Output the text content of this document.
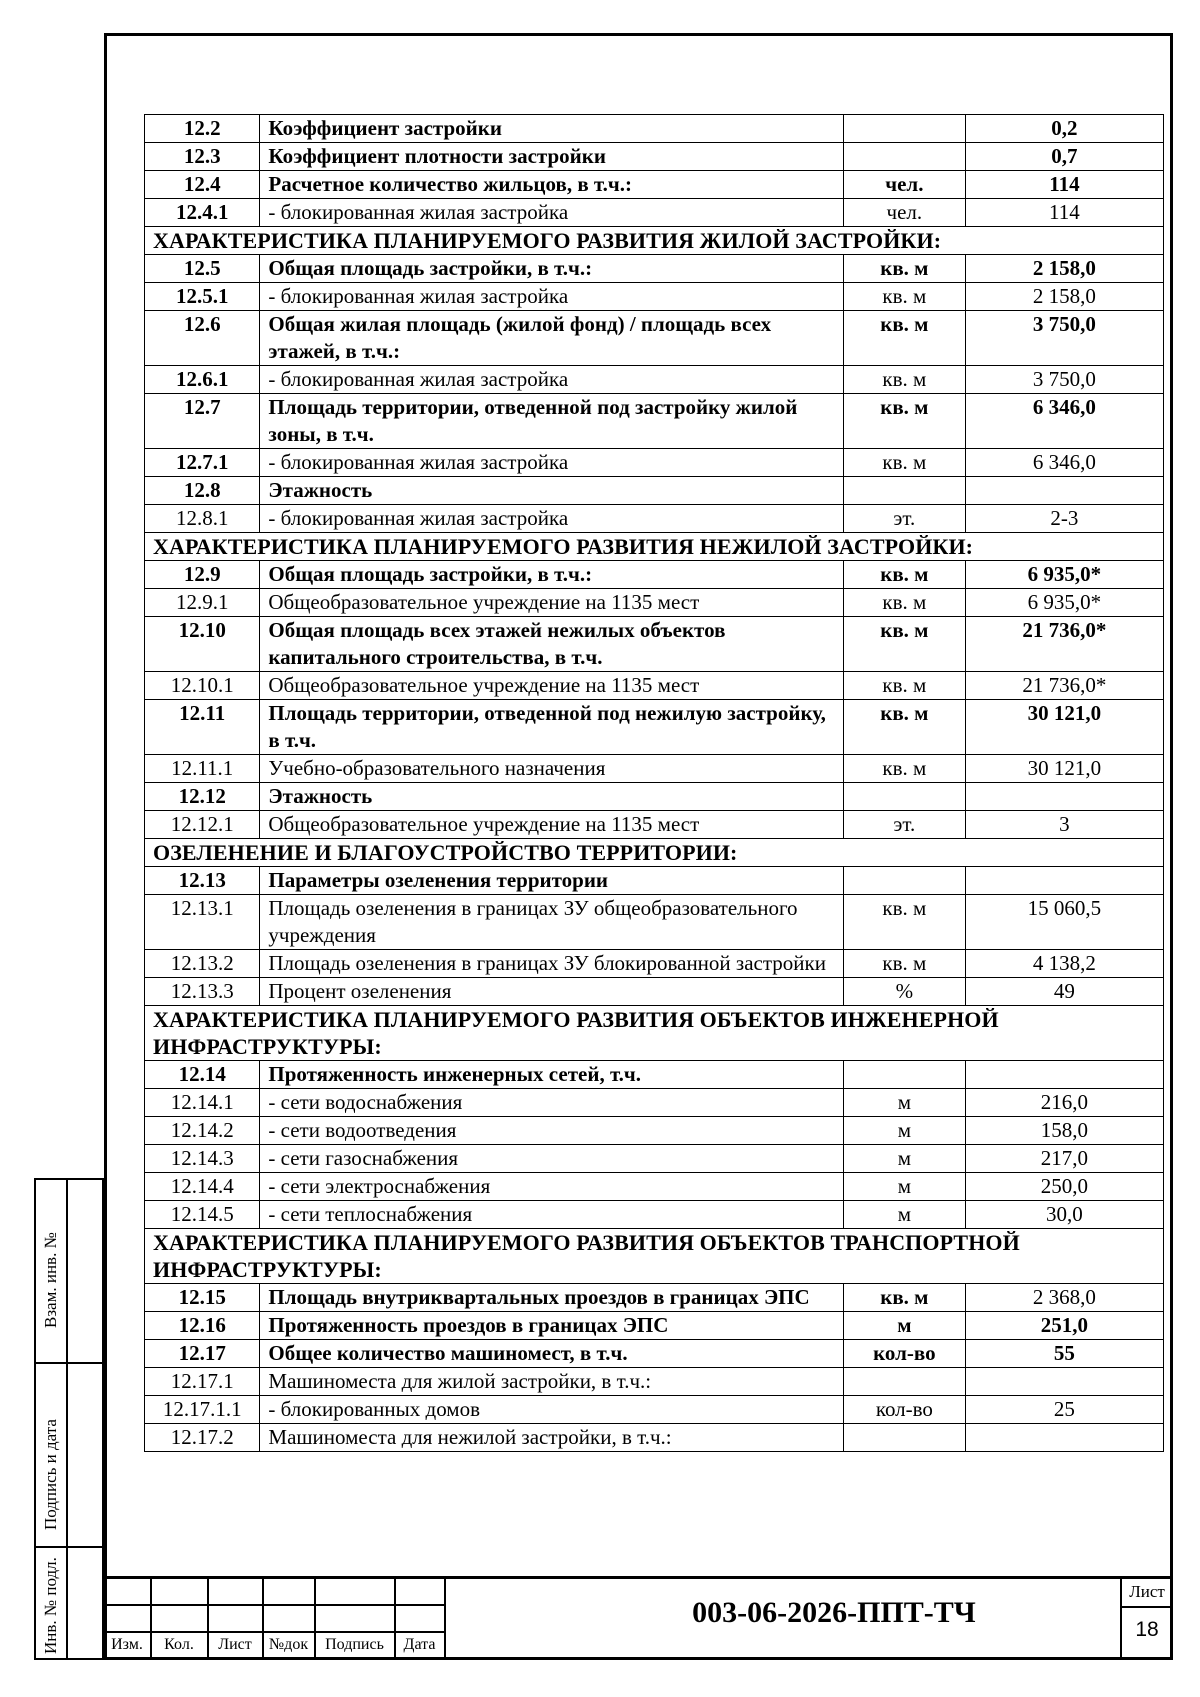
12.2	Коэффициент застройки		0,2
12.3	Коэффициент плотности застройки		0,7
12.4	Расчетное количество жильцов, в т.ч.:	чел.	114
12.4.1	- блокированная жилая застройка	чел.	114
ХАРАКТЕРИСТИКА ПЛАНИРУЕМОГО РАЗВИТИЯ ЖИЛОЙ ЗАСТРОЙКИ:			
12.5	Общая площадь застройки, в т.ч.:	кв. м	2 158,0
12.5.1	- блокированная жилая застройка	кв. м	2 158,0
12.6	Общая жилая площадь (жилой фонд) / площадь всех этажей, в т.ч.:	кв. м	3 750,0
12.6.1	- блокированная жилая застройка	кв. м	3 750,0
12.7	Площадь территории, отведенной под застройку жилой зоны, в т.ч.	кв. м	6 346,0
12.7.1	- блокированная жилая застройка	кв. м	6 346,0
12.8	Этажность		
12.8.1	- блокированная жилая застройка	эт.	2-3
ХАРАКТЕРИСТИКА ПЛАНИРУЕМОГО РАЗВИТИЯ НЕЖИЛОЙ ЗАСТРОЙКИ:			
12.9	Общая площадь застройки, в т.ч.:	кв. м	6 935,0*
12.9.1	Общеобразовательное учреждение на 1135 мест	кв. м	6 935,0*
12.10	Общая площадь всех этажей нежилых объектов капитального строительства, в т.ч.	кв. м	21 736,0*
12.10.1	Общеобразовательное учреждение на 1135 мест	кв. м	21 736,0*
12.11	Площадь территории, отведенной под нежилую застройку, в т.ч.	кв. м	30 121,0
12.11.1	Учебно-образовательного назначения	кв. м	30 121,0
12.12	Этажность		
12.12.1	Общеобразовательное учреждение на 1135 мест	эт.	3
ОЗЕЛЕНЕНИЕ И БЛАГОУСТРОЙСТВО ТЕРРИТОРИИ:			
12.13	Параметры озеленения территории		
12.13.1	Площадь озеленения в границах ЗУ общеобразовательного учреждения	кв. м	15 060,5
12.13.2	Площадь озеленения в границах ЗУ блокированной застройки	кв. м	4 138,2
12.13.3	Процент озеленения	%	49
ХАРАКТЕРИСТИКА ПЛАНИРУЕМОГО РАЗВИТИЯ ОБЪЕКТОВ ИНЖЕНЕРНОЙ ИНФРАСТРУКТУРЫ:			
12.14	Протяженность инженерных сетей, т.ч.		
12.14.1	- сети водоснабжения	м	216,0
12.14.2	- сети водоотведения	м	158,0
12.14.3	- сети газоснабжения	м	217,0
12.14.4	- сети электроснабжения	м	250,0
12.14.5	- сети теплоснабжения	м	30,0
ХАРАКТЕРИСТИКА ПЛАНИРУЕМОГО РАЗВИТИЯ ОБЪЕКТОВ ТРАНСПОРТНОЙ ИНФРАСТРУКТУРЫ:			
12.15	Площадь внутриквартальных проездов в границах ЭПС	кв. м	2 368,0
12.16	Протяженность проездов в границах ЭПС	м	251,0
12.17	Общее количество машиномест, в т.ч.	кол-во	55
12.17.1	Машиноместа для жилой застройки, в т.ч.:		
12.17.1.1	- блокированных домов	кол-во	25
12.17.2	Машиноместа для нежилой застройки, в т.ч.:		
Взам. инв. №
Подпись и дата
Инв. № подл.	Изм.	Кол.	Лист	№док	Подпись	Дата
003-06-2026-ППТ-ТЧ
Лист
18
